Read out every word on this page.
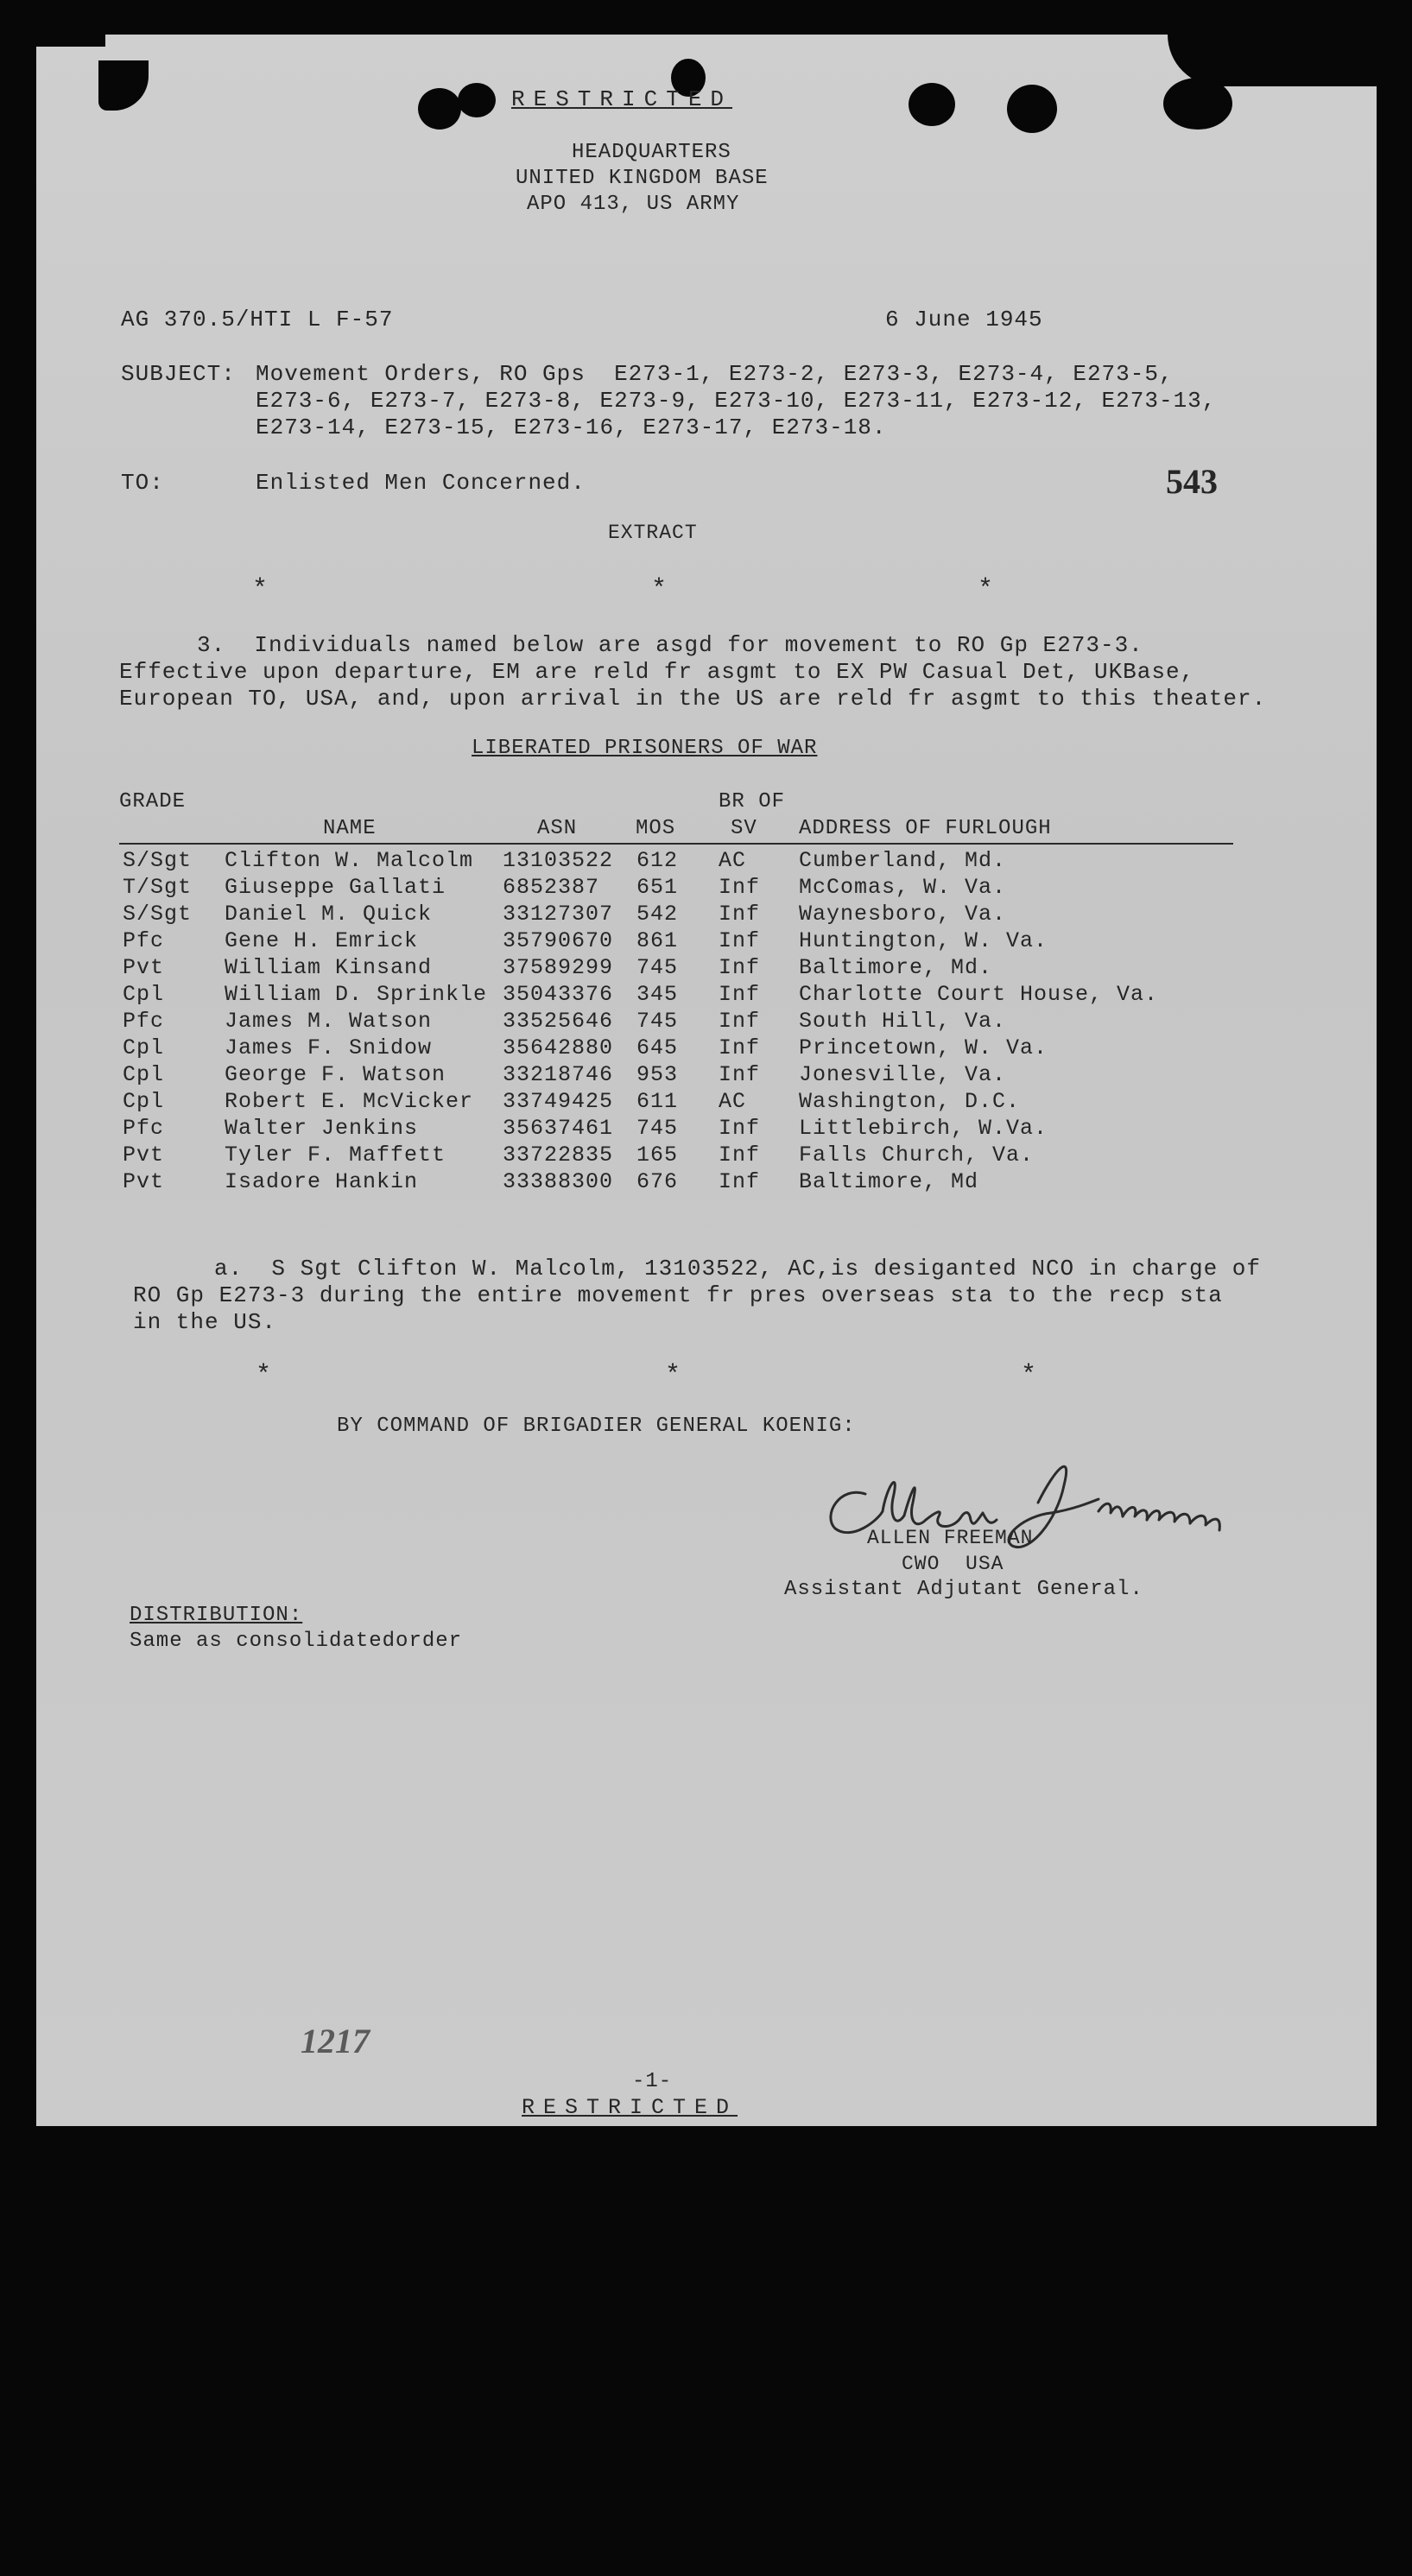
RESTRICTED
HEADQUARTERS
UNITED KINGDOM BASE
APO 413, US ARMY
AG 370.5/HTI L F-57	6 June 1945
SUBJECT: Movement Orders, RO Gps  E273-1, E273-2, E273-3, E273-4, E273-5,
E273-6, E273-7, E273-8, E273-9, E273-10, E273-11, E273-12, E273-13,
E273-14, E273-15, E273-16, E273-17, E273-18.
TO:	Enlisted Men Concerned.	543
EXTRACT
*	*	*
3.  Individuals named below are asgd for movement to RO Gp E273-3.
Effective upon departure, EM are reld fr asgmt to EX PW Casual Det, UKBase,
European TO, USA, and, upon arrival in the US are reld fr asgmt to this theater.
LIBERATED PRISONERS OF WAR
GRADE	BR OF
NAME	ASN	MOS	SV ADDRESS OF FURLOUGH
S/Sgt Clifton W. Malcolm 13103522 612 AC Cumberland, Md.
T/Sgt Giuseppe Gallati	6852387 651 Inf McComas, W. Va.
S/Sgt Daniel M. Quick	33127307 542 Inf Waynesboro, Va.
Pfc	Gene H. Emrick	35790670 861 Inf Huntington, W. Va.
Pvt	William Kinsand	37589299 745 Inf Baltimore, Md.
Cpl	William D. Sprinkle 35043376 345 Inf Charlotte Court House, Va.
Pfc	James M. Watson	33525646 745 Inf South Hill, Va.
Cpl	James F. Snidow	35642880 645 Inf Princetown, W. Va.
Cpl	George F. Watson	33218746 953 Inf Jonesville, Va.
Cpl	Robert E. McVicker 33749425 611 AC Washington, D.C.
Pfc	Walter Jenkins	35637461 745 Inf Littlebirch, W.Va.
Pvt	Tyler F. Maffett	33722835 165 Inf Falls Church, Va.
Pvt	Isadore Hankin	33388300 676 Inf Baltimore, Md
a.  S Sgt Clifton W. Malcolm, 13103522, AC,is desiganted NCO in charge of
RO Gp E273-3 during the entire movement fr pres overseas sta to the recp sta
in the US.
*	*	*
BY COMMAND OF BRIGADIER GENERAL KOENIG:
ALLEN FREEMAN
CWO  USA
Assistant Adjutant General.
DISTRIBUTION:
Same as consolidatedorder
1217
-1-
RESTRICTED
